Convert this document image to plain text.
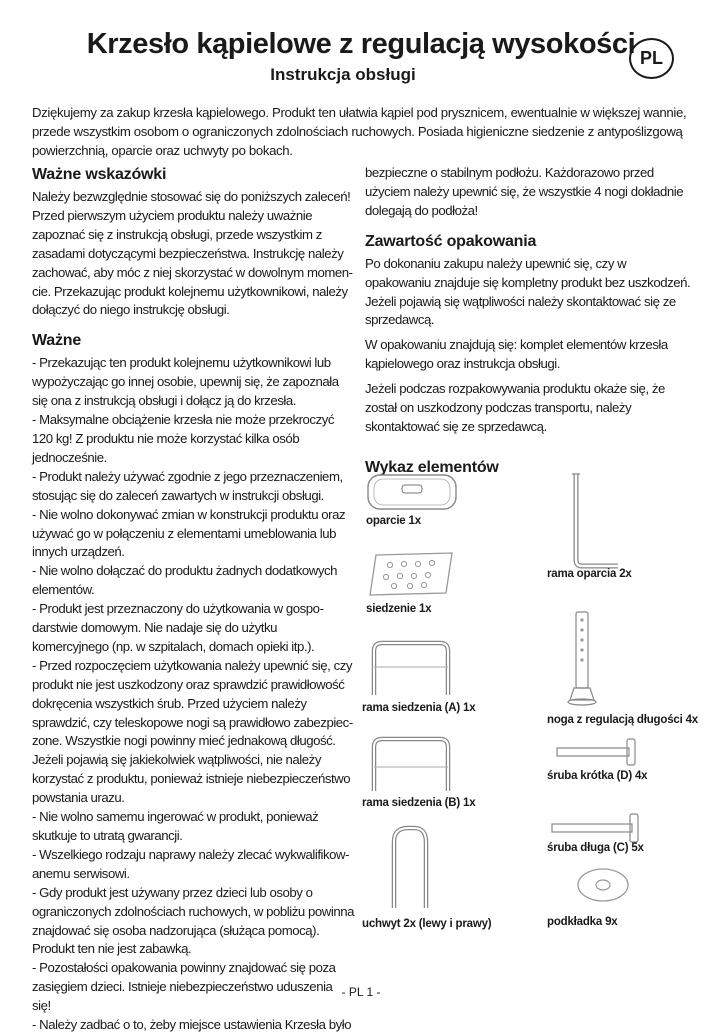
Krzesło kąpielowe z regulacją wysokości
Instrukcja obsługi
PL

Dziękujemy za zakup krzesła kąpielowego. Produkt ten ułatwia kąpiel pod prysznicem, ewentualnie w większej wannie, przede wszystkim osobom o ograniczonych zdolnościach ruchowych. Posiada higieniczne siedzenie z antypoślizgową powierzchnią, oparcie oraz uchwyty po bokach.

Ważne wskazówki

Należy bezwzględnie stosować się do poniższych zaleceń! Przed pierwszym użyciem produktu należy uważnie zapoznać się z instrukcją obsługi, przede wszystkim z zasadami dotyczącymi bezpieczeństwa. Instrukcję należy zachować, aby móc z niej skorzystać w dowolnym momen-cie. Przekazując produkt kolejnemu użytkownikowi, należy dołączyć do niego instrukcję obsługi.

Ważne

- Przekazując ten produkt kolejnemu użytkownikowi lub wypożyczając go innej osobie, upewnij się, że zapoznała się ona z instrukcją obsługi i dołącz ją do krzesła.

- Maksymalne obciążenie krzesła nie może przekroczyć 120 kg! Z produktu nie może korzystać kilka osób jednocześnie.

- Produkt należy używać zgodnie z jego przeznaczeniem, stosując się do zaleceń zawartych w instrukcji obsługi.

- Nie wolno dokonywać zmian w konstrukcji produktu oraz używać go w połączeniu z elementami umeblowania lub innych urządzeń.

- Nie wolno dołączać do produktu żadnych dodatkowych elementów.

- Produkt jest przeznaczony do użytkowania w gospo-darstwie domowym. Nie nadaje się do użytku komercyjnego (np. w szpitalach, domach opieki itp.).

- Przed rozpoczęciem użytkowania należy upewnić się, czy produkt nie jest uszkodzony oraz sprawdzić prawidłowość dokręcenia wszystkich śrub. Przed użyciem należy sprawdzić, czy teleskopowe nogi są prawidłowo zabezpiec-zone. Wszystkie nogi powinny mieć jednakową długość. Jeżeli pojawią się jakiekolwiek wątpliwości, nie należy korzystać z produktu, ponieważ istnieje niebezpieczeństwo powstania urazu.

- Nie wolno samemu ingerować w produkt, ponieważ skutkuje to utratą gwarancji.

- Wszelkiego rodzaju naprawy należy zlecać wykwalifikow-anemu serwisowi.

- Gdy produkt jest używany przez dzieci lub osoby o ograniczonych zdolnościach ruchowych, w pobliżu powinna znajdować się osoba nadzorująca (służąca pomocą). Produkt ten nie jest zabawką.

- Pozostałości opakowania powinny znajdować się poza zasięgiem dzieci. Istnieje niebezpieczeństwo uduszenia się!

- Należy zadbać o to, żeby miejsce ustawienia Krzesła było

bezpieczne o stabilnym podłożu. Każdorazowo przed użyciem należy upewnić się, że wszystkie 4 nogi dokładnie dolegają do podłoża!

Zawartość opakowania

Po dokonaniu zakupu należy upewnić się, czy w opakowaniu znajduje się kompletny produkt bez uszkodzeń. Jeżeli pojawią się wątpliwości należy skontaktować się ze sprzedawcą.

W opakowaniu znajdują się: komplet elementów krzesła kąpielowego oraz instrukcja obsługi.

Jeżeli podczas rozpakowywania produktu okaże się, że został on uszkodzony podczas transportu, należy skontaktować się ze sprzedawcą.

Wykaz elementów
oparcie 1x
rama oparcia 2x
siedzenie 1x
noga z regulacją długości 4x
rama siedzenia (A) 1x
śruba krótka (D) 4x
rama siedzenia (B) 1x
śruba długa (C) 5x
uchwyt 2x (lewy i prawy)	podkładka 9x
- PL 1 -
